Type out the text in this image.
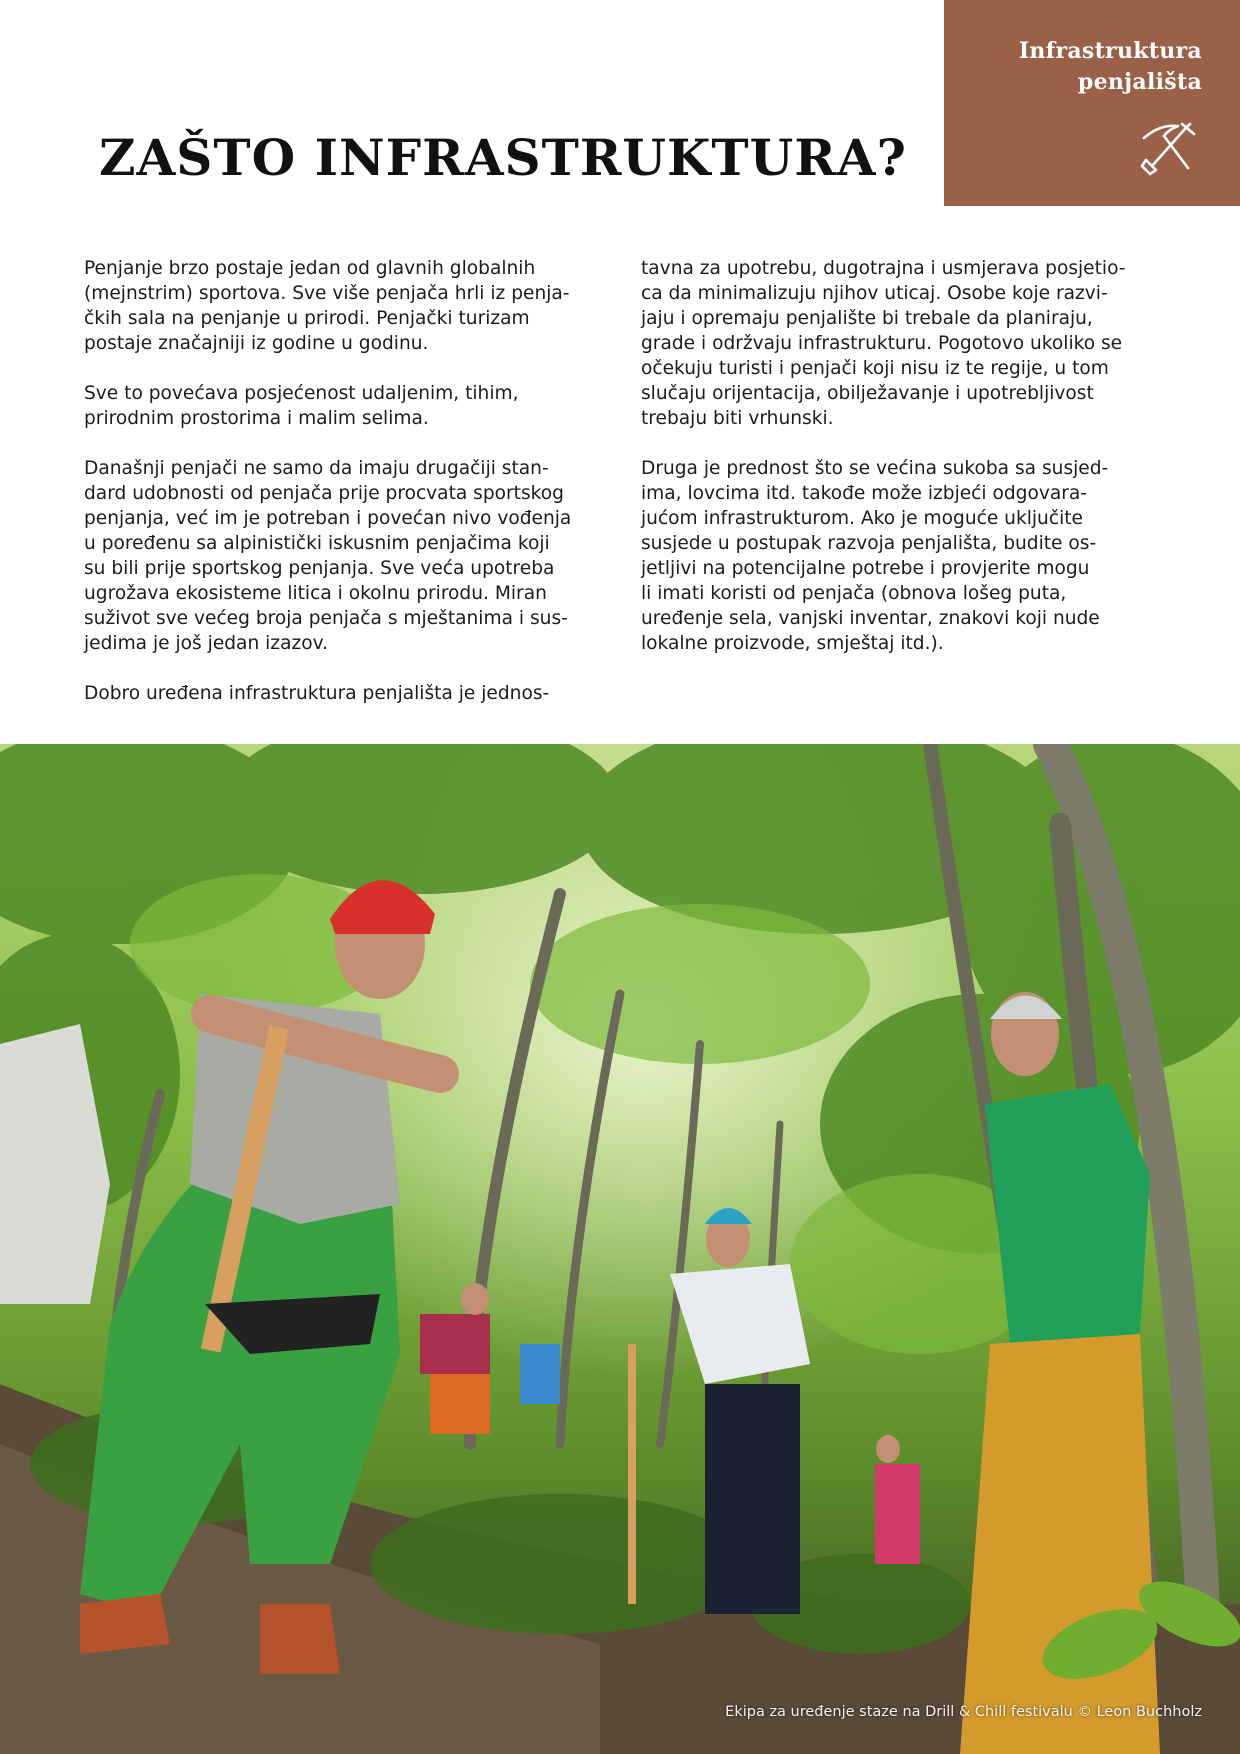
Infrastruktura
penjališta
ZAŠTO INFRASTRUKTURA?

Penjanje brzo postaje jedan od glavnih globalnih
(mejnstrim) sportova. Sve više penjača hrli iz penja-
čkih sala na penjanje u prirodi. Penjački turizam
postaje značajniji iz godine u godinu.

Sve to povećava posjećenost udaljenim, tihim,
prirodnim prostorima i malim selima.

Današnji penjači ne samo da imaju drugačiji stan-
dard udobnosti od penjača prije procvata sportskog
penjanja, već im je potreban i povećan nivo vođenja
u poređenu sa alpinistički iskusnim penjačima koji
su bili prije sportskog penjanja. Sve veća upotreba
ugrožava ekosisteme litica i okolnu prirodu. Miran
suživot sve većeg broja penjača s mještanima i sus-
jedima je još jedan izazov.

Dobro uređena infrastruktura penjališta je jednos-

tavna za upotrebu, dugotrajna i usmjerava posjetio-
ca da minimalizuju njihov uticaj. Osobe koje razvi-
jaju i opremaju penjalište bi trebale da planiraju,
grade i održvaju infrastrukturu. Pogotovo ukoliko se
očekuju turisti i penjači koji nisu iz te regije, u tom
slučaju orijentacija, obilježavanje i upotrebljivost
trebaju biti vrhunski.

Druga je prednost što se većina sukoba sa susjed-
ima, lovcima itd. takođe može izbjeći odgovara-
jućom infrastrukturom. Ako je moguće uključite
susjede u postupak razvoja penjališta, budite os-
jetljivi na potencijalne potrebe i provjerite mogu
li imati koristi od penjača (obnova lošeg puta,
uređenje sela, vanjski inventar, znakovi koji nude
lokalne proizvode, smještaj itd.).

Ekipa za uređenje staze na Drill & Chill festivalu © Leon Buchholz
